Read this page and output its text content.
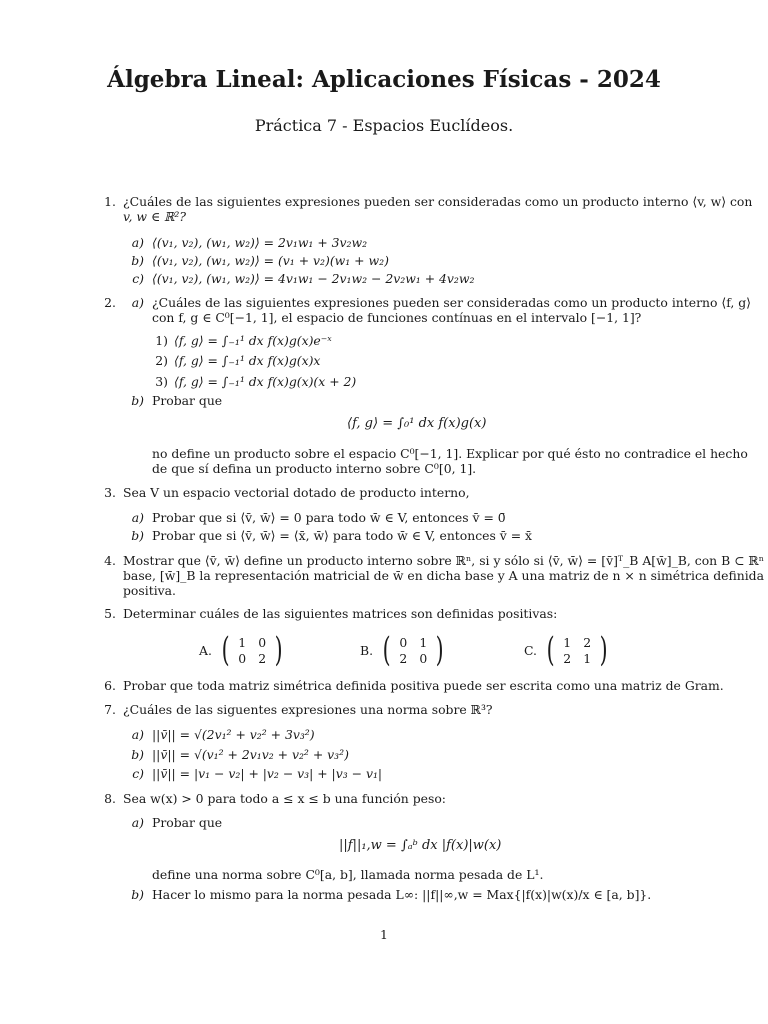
Álgebra Lineal: Aplicaciones Físicas - 2024
Práctica 7 - Espacios Euclídeos.
1. ¿Cuáles de las siguientes expresiones pueden ser consideradas como un producto interno ⟨v, w⟩ con
v, w ∈ ℝ²?
a) ⟨(v₁, v₂), (w₁, w₂)⟩ = 2v₁w₁ + 3v₂w₂
b) ⟨(v₁, v₂), (w₁, w₂)⟩ = (v₁ + v₂)(w₁ + w₂)
c) ⟨(v₁, v₂), (w₁, w₂)⟩ = 4v₁w₁ − 2v₁w₂ − 2v₂w₁ + 4v₂w₂
2. a) ¿Cuáles de las siguientes expresiones pueden ser consideradas como un producto interno ⟨f, g⟩
con f, g ∈ C⁰[−1, 1], el espacio de funciones contínuas en el intervalo [−1, 1]?
1) ⟨f, g⟩ = ∫₋₁¹ dx f(x)g(x)e⁻ˣ
2) ⟨f, g⟩ = ∫₋₁¹ dx f(x)g(x)x
3) ⟨f, g⟩ = ∫₋₁¹ dx f(x)g(x)(x + 2)
b) Probar que
⟨f, g⟩ = ∫₀¹ dx f(x)g(x)
no define un producto sobre el espacio C⁰[−1, 1]. Explicar por qué ésto no contradice el hecho
de que sí defina un producto interno sobre C⁰[0, 1].
3. Sea V un espacio vectorial dotado de producto interno,
a) Probar que si ⟨v̄, w̄⟩ = 0 para todo w̄ ∈ V, entonces v̄ = 0̄
b) Probar que si ⟨v̄, w̄⟩ = ⟨x̄, w̄⟩ para todo w̄ ∈ V, entonces v̄ = x̄
4. Mostrar que ⟨v̄, w̄⟩ define un producto interno sobre ℝⁿ, si y sólo si ⟨v̄, w̄⟩ = [v̄]ᵀ_B A[w̄]_B, con B ⊂ ℝⁿ
base, [w̄]_B la representación matricial de w̄ en dicha base y A una matriz de n × n simétrica definida
positiva.
5. Determinar cuáles de las siguientes matrices son definidas positivas:
A. ( 1 0
0 2 )	B. ( 0 1
2 0 )	C. ( 1 2
2 1 )
6. Probar que toda matriz simétrica definida positiva puede ser escrita como una matriz de Gram.
7. ¿Cuáles de las siguentes expresiones una norma sobre ℝ³?
a) ||v̄|| = √(2v₁² + v₂² + 3v₃²)
b) ||v̄|| = √(v₁² + 2v₁v₂ + v₂² + v₃²)
c) ||v̄|| = |v₁ − v₂| + |v₂ − v₃| + |v₃ − v₁|
8. Sea w(x) > 0 para todo a ≤ x ≤ b una función peso:
a) Probar que
||f||₁,w = ∫ₐᵇ dx |f(x)|w(x)
define una norma sobre C⁰[a, b], llamada norma pesada de L¹.
b) Hacer lo mismo para la norma pesada L∞: ||f||∞,w = Max{|f(x)|w(x)/x ∈ [a, b]}.
1
